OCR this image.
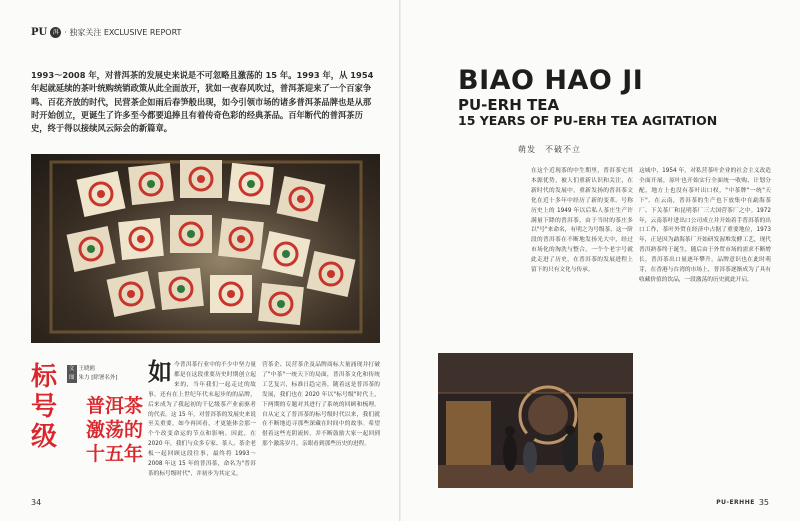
PU 洱 · 独家关注 EXCLUSIVE REPORT
1993～2008 年，对普洱茶的发展史来说是不可忽略且激荡的 15 年。1993 年，从 1954 年起就延续的茶叶统购统销政策从此全面放开，犹如一夜春风吹过，普洱茶迎来了一个百家争鸣、百花齐放的时代，民营茶企如雨后春笋般出现，如今引领市场的诸多普洱茶品牌也是从那时开始创立，更诞生了许多至今都要追捧且有着传奇色彩的经典茶品。百年断代的普洱茶历史，终于得以接续风云际会的新篇章。
标号级
文 王晓鸥
图 朱力 [除署名外]
普洱茶激荡的十五年
如 今普洱茶行业中的不少中坚力量都是在这段重要历史时期创立起来的，当年我们一起走过的故事，还有在上世纪年代末起步的的品牌，后来成为了我起初的千亿级茶产业前驱者的代表。这 15 年，对普洱茶的发展史来说至关重要，如今再回看，才更能体会那一个个改变命运的节点和影响。因此，在 2020 年，我们与众多专家、茶人、茶企老板一起回顾这段往事，最终将 1993～2008 年这 15 年的普洱茶，命名为"普洱茶的标号级时代"，并初步为其定义。
营茶企、民营茶企及品牌商标大量涌现并打破了"中茶"一统天下的局面，普洱茶文化和传统工艺复兴，标准日趋完善，随着这是普洱茶的发展，我们也在 2020 年以"标号级"时代上，下两期的专题对其进行了系统的回顾和梳理。自从定义了普洱茶的标号级时代以来，我们就在不断地追寻那些深藏在时间中的故事。希望借着这些光阴流转，并不断鼓励大家一起回到那个激荡岁月，亲眼看到那些历史的进程。
34
BIAO HAO JI
PU-ERH TEA
15 YEARS OF PU-ERH TEA AGITATION
萌发　不破不立
在这个近现茶的中生期里，普洱茶宅其本源优势，被人们重新认识和关注，在新时代的发展中，重新发扬的普洱茶文化在近十多年中经历了新的变革。号称历史上的 1949 年以后私人茶庄生产许满量下降的普洱茶，由于当时的茶庄多以"号"来命名，有明之为号级茶，这一阶段的普洱茶在不断地发扬光大中，经过市场化的淘洗与整合，一个个老字号就此走进了历史，在普洱茶的发展进程上留下的只有文化与传承。
这城中，1954 年，对私营茶叶企业的社会主义改造全面开展，原叶也开始实行全面统一收购、计划分配，地方上也没有茶叶出口权，"中茶牌"一统"天下"。在云南，普洱茶的生产也下放集中在勐海茶厂、下关茶厂和昆明茶厂三大国营茶厂之中。1972 年，云南茶叶进出口公司成立并开始着手普洱茶的出口工作，茶叶外贸在经济中占据了重要地位，1973 年，正是因为勐海茶厂开始研发渥堆发酵工艺，现代普洱熟茶终于诞生，随后由于外贸市场的需求不断增长，普洱茶出口量逐年攀升，品牌意识也在此时萌芽，在香港与台湾的市场上，普洱茶逐渐成为了具有收藏价值的饮品，一段激荡的历史就此开启。
PU-ERHHE 35
